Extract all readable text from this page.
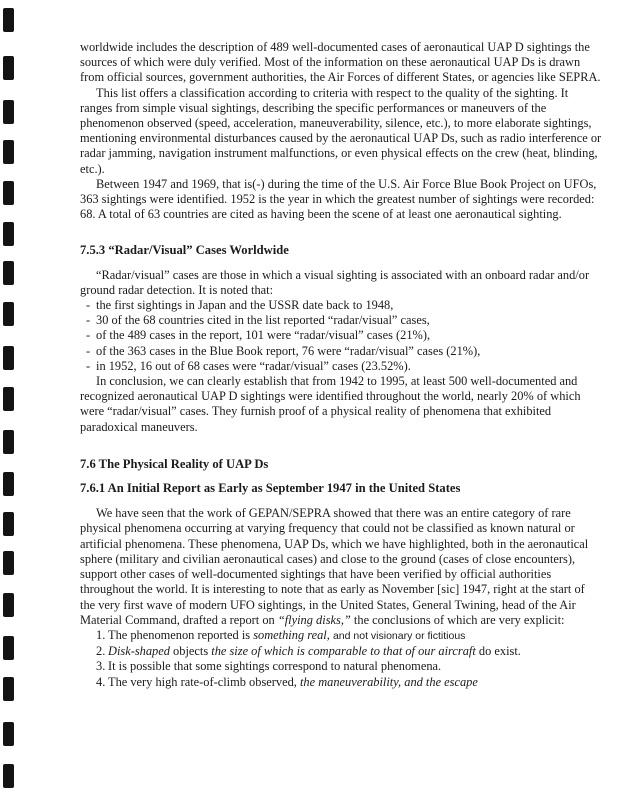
worldwide includes the description of 489 well-documented cases of aeronautical UAP D sightings the sources of which were duly verified. Most of the information on these aeronautical UAP Ds is drawn from official sources, government authorities, the Air Forces of different States, or agencies like SEPRA.

This list offers a classification according to criteria with respect to the quality of the sighting. It ranges from simple visual sightings, describing the specific performances or maneuvers of the phenomenon observed (speed, acceleration, maneuverability, silence, etc.), to more elaborate sightings, mentioning environmental disturbances caused by the aeronautical UAP Ds, such as radio interference or radar jamming, navigation instrument malfunctions, or even physical effects on the crew (heat, blinding, etc.).

Between 1947 and 1969, that is(-) during the time of the U.S. Air Force Blue Book Project on UFOs, 363 sightings were identified. 1952 is the year in which the greatest number of sightings were recorded: 68. A total of 63 countries are cited as having been the scene of at least one aeronautical sighting.

7.5.3 “Radar/Visual” Cases Worldwide

“Radar/visual” cases are those in which a visual sighting is associated with an onboard radar and/or ground radar detection. It is noted that:

- the first sightings in Japan and the USSR date back to 1948,
- 30 of the 68 countries cited in the list reported “radar/visual” cases,
- of the 489 cases in the report, 101 were “radar/visual” cases (21%),
- of the 363 cases in the Blue Book report, 76 were “radar/visual” cases (21%),
- in 1952, 16 out of 68 cases were “radar/visual” cases (23.52%).

In conclusion, we can clearly establish that from 1942 to 1995, at least 500 well-documented and recognized aeronautical UAP D sightings were identified throughout the world, nearly 20% of which were “radar/visual” cases. They furnish proof of a physical reality of phenomena that exhibited paradoxical maneuvers.

7.6 The Physical Reality of UAP Ds

7.6.1 An Initial Report as Early as September 1947 in the United States

We have seen that the work of GEPAN/SEPRA showed that there was an entire category of rare physical phenomena occurring at varying frequency that could not be classified as known natural or artificial phenomena. These phenomena, UAP Ds, which we have highlighted, both in the aeronautical sphere (military and civilian aeronautical cases) and close to the ground (cases of close encounters), support other cases of well-documented sightings that have been verified by official authorities throughout the world. It is interesting to note that as early as November [sic] 1947, right at the start of the very first wave of modern UFO sightings, in the United States, General Twining, head of the Air Material Command, drafted a report on “flying disks,” the conclusions of which are very explicit:

1. The phenomenon reported is something real, and not visionary or fictitious
2. Disk-shaped objects the size of which is comparable to that of our aircraft do exist.
3. It is possible that some sightings correspond to natural phenomena.
4. The very high rate-of-climb observed, the maneuverability, and the escape
